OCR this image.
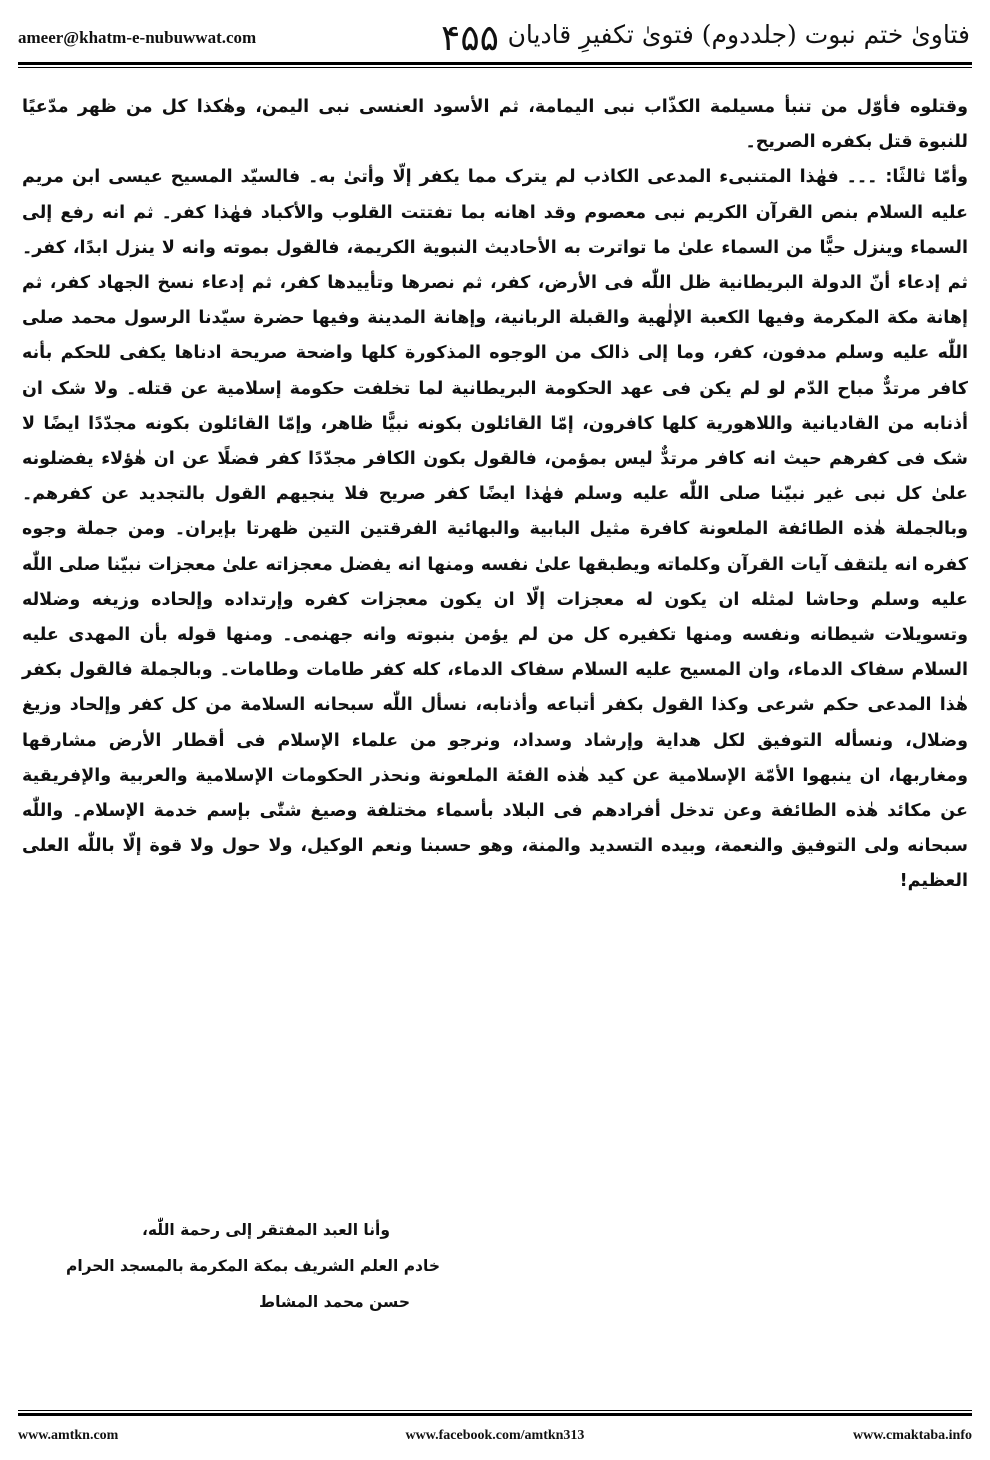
ameer@khatm-e-nubuwwat.com	۴۵۵ فتاویٰ ختم نبوت (جلددوم) فتویٰ تکفیرِ قادیان

وقتلوه فأوّل من تنبأ مسيلمة الكذّاب نبى اليمامة، ثم الأسود العنسى نبى اليمن، وهٰكذا كل من ظهر مدّعيًا للنبوة قتل بكفره الصريح۔

وأمّا ثالثًا: ۔۔۔ فهٰذا المتنبىء المدعى الكاذب لم يترک مما يكفر إلّا وأتىٰ به۔ فالسيّد المسيح عيسى ابن مريم عليه السلام بنص القرآن الكريم نبى معصوم وقد اهانه بما تفتتت القلوب والأكباد فهٰذا كفر۔ ثم انه رفع إلى السماء وينزل حيًّا من السماء علىٰ ما تواترت به الأحاديث النبوية الكريمة، فالقول بموته وانه لا ينزل ابدًا، كفر۔ ثم إدعاء أنّ الدولة البريطانية ظل اللّٰه فى الأرض، كفر، ثم نصرها وتأييدها كفر، ثم إدعاء نسخ الجهاد كفر، ثم إهانة مكة المكرمة وفيها الكعبة الإلٰهية والقبلة الربانية، وإهانة المدينة وفيها حضرة سيّدنا الرسول محمد صلى اللّٰه عليه وسلم مدفون، كفر، وما إلى ذالک من الوجوه المذكورة كلها واضحة صريحة ادناها يكفى للحكم بأنه كافر مرتدٌّ مباح الدّم لو لم يكن فى عهد الحكومة البريطانية لما تخلفت حكومة إسلامية عن قتله۔ ولا شک ان أذنابه من القاديانية واللاهورية كلها كافرون، إمّا القائلون بكونه نبيًّا ظاهر، وإمّا القائلون بكونه مجدّدًا ايضًا لا شک فى كفرهم حيث انه كافر مرتدٌّ ليس بمؤمن، فالقول بكون الكافر مجدّدًا كفر فضلًا عن ان هٰؤلاء يفضلونه علىٰ كل نبى غير نبيّنا صلى اللّٰه عليه وسلم فهٰذا ايضًا كفر صريح فلا ينجيهم القول بالتجديد عن كفرهم۔ وبالجملة هٰذه الطائفة الملعونة كافرة مثيل البابية والبهائية الفرقتين التين ظهرتا بإيران۔ ومن جملة وجوه كفره انه يلتقف آيات القرآن وكلماته ويطبقها علىٰ نفسه ومنها انه يفضل معجزاته علىٰ معجزات نبيّنا صلى اللّٰه عليه وسلم وحاشا لمثله ان يكون له معجزات إلّا ان يكون معجزات كفره وإرتداده وإلحاده وزيغه وضلاله وتسويلات شيطانه ونفسه ومنها تكفيره كل من لم يؤمن بنبوته وانه جهنمى۔ ومنها قوله بأن المهدى عليه السلام سفاک الدماء، وان المسيح عليه السلام سفاک الدماء، كله كفر طامات وطامات۔ وبالجملة فالقول بكفر هٰذا المدعى حكم شرعى وكذا القول بكفر أتباعه وأذنابه، نسأل اللّٰه سبحانه السلامة من كل كفر وإلحاد وزيغ وضلال، ونسأله التوفيق لكل هداية وإرشاد وسداد، ونرجو من علماء الإسلام فى أقطار الأرض مشارقها ومغاربها، ان ينبهوا الأمّة الإسلامية عن كيد هٰذه الفئة الملعونة ونحذر الحكومات الإسلامية والعربية والإفريقية عن مكائد هٰذه الطائفة وعن تدخل أفرادهم فى البلاد بأسماء مختلفة وصيغ شتّٰى بإسم خدمة الإسلام۔ واللّٰه سبحانه ولى التوفيق والنعمة، وبيده التسديد والمنة، وهو حسبنا ونعم الوكيل، ولا حول ولا قوة إلّا باللّٰه العلى العظيم!

وأنا العبد المفتقر إلى رحمة اللّٰه،
خادم العلم الشريف بمكة المكرمة بالمسجد الحرام
حسن محمد المشاط
www.amtkn.com	www.facebook.com/amtkn313	www.cmaktaba.info
